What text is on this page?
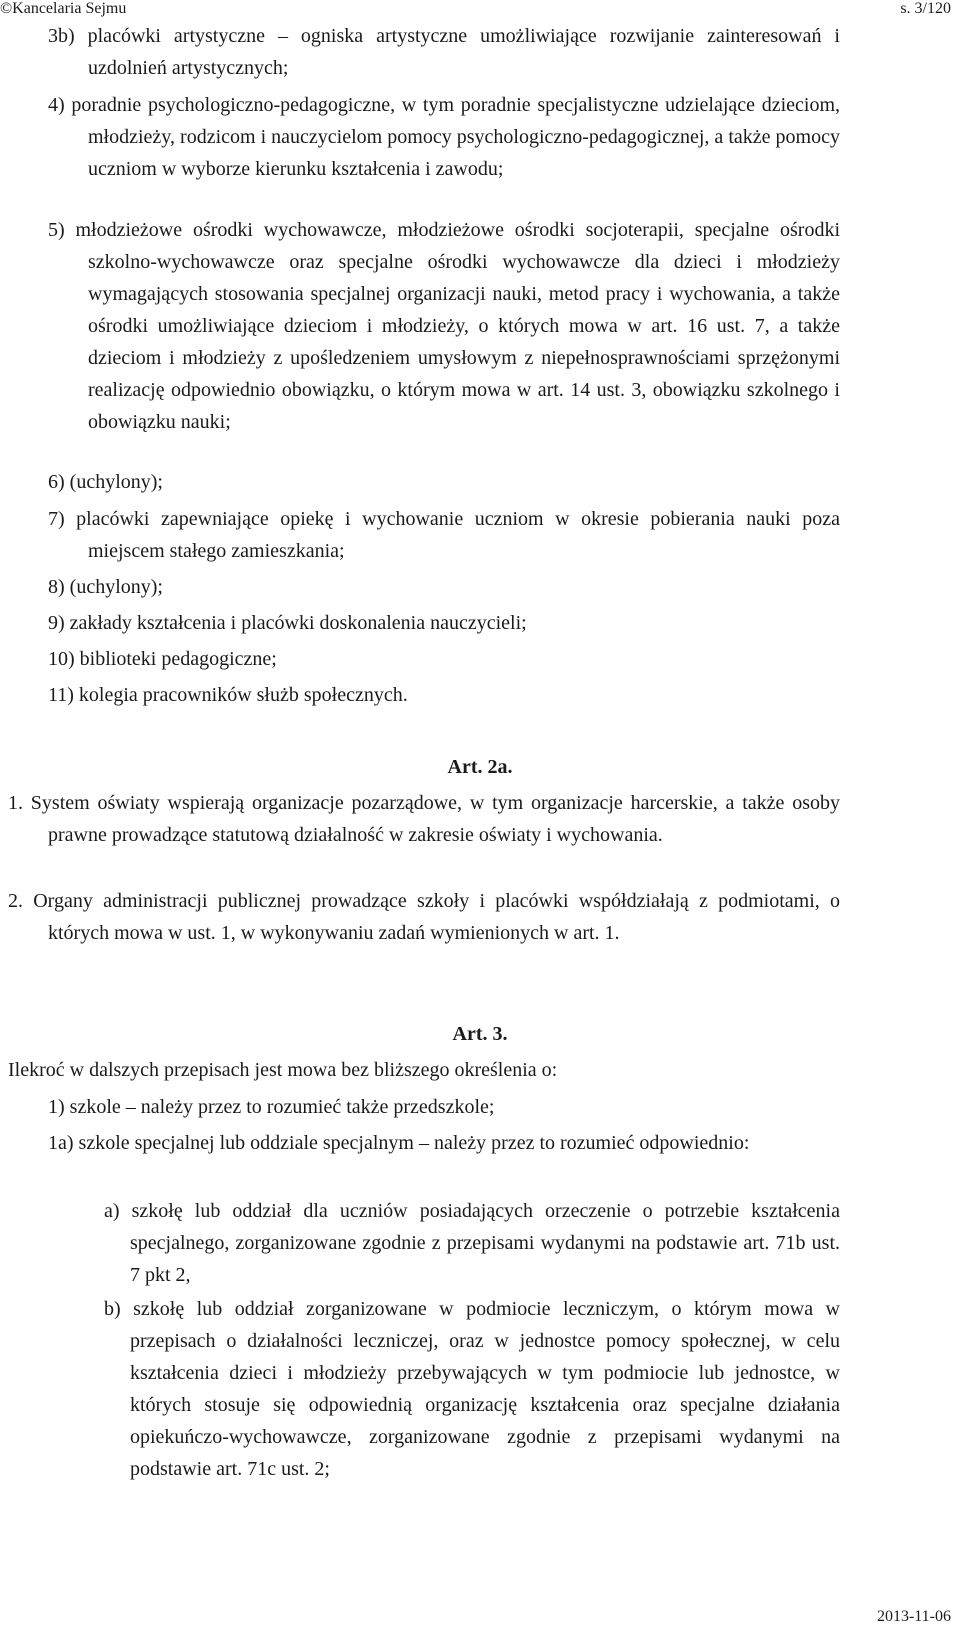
©Kancelaria Sejmu	s. 3/120

3b) placówki artystyczne – ogniska artystyczne umożliwiające rozwijanie zainteresowań i uzdolnień artystycznych;

4) poradnie psychologiczno-pedagogiczne, w tym poradnie specjalistyczne udzielające dzieciom, młodzieży, rodzicom i nauczycielom pomocy psychologiczno-pedagogicznej, a także pomocy uczniom w wyborze kierunku kształcenia i zawodu;

5) młodzieżowe ośrodki wychowawcze, młodzieżowe ośrodki socjoterapii, specjalne ośrodki szkolno-wychowawcze oraz specjalne ośrodki wychowawcze dla dzieci i młodzieży wymagających stosowania specjalnej organizacji nauki, metod pracy i wychowania, a także ośrodki umożliwiające dzieciom i młodzieży, o których mowa w art. 16 ust. 7, a także dzieciom i młodzieży z upośledzeniem umysłowym z niepełnosprawnościami sprzężonymi realizację odpowiednio obowiązku, o którym mowa w art. 14 ust. 3, obowiązku szkolnego i obowiązku nauki;

6) (uchylony);

7) placówki zapewniające opiekę i wychowanie uczniom w okresie pobierania nauki poza miejscem stałego zamieszkania;

8) (uchylony);

9) zakłady kształcenia i placówki doskonalenia nauczycieli;

10) biblioteki pedagogiczne;

11) kolegia pracowników służb społecznych.

Art. 2a.

1. System oświaty wspierają organizacje pozarządowe, w tym organizacje harcerskie, a także osoby prawne prowadzące statutową działalność w zakresie oświaty i wychowania.

2. Organy administracji publicznej prowadzące szkoły i placówki współdziałają z podmiotami, o których mowa w ust. 1, w wykonywaniu zadań wymienionych w art. 1.

Art. 3.

Ilekroć w dalszych przepisach jest mowa bez bliższego określenia o:

1) szkole – należy przez to rozumieć także przedszkole;

1a) szkole specjalnej lub oddziale specjalnym – należy przez to rozumieć odpowiednio:

a) szkołę lub oddział dla uczniów posiadających orzeczenie o potrzebie kształcenia specjalnego, zorganizowane zgodnie z przepisami wydanymi na podstawie art. 71b ust. 7 pkt 2,

b) szkołę lub oddział zorganizowane w podmiocie leczniczym, o którym mowa w przepisach o działalności leczniczej, oraz w jednostce pomocy społecznej, w celu kształcenia dzieci i młodzieży przebywających w tym podmiocie lub jednostce, w których stosuje się odpowiednią organizację kształcenia oraz specjalne działania opiekuńczo-wychowawcze, zorganizowane zgodnie z przepisami wydanymi na podstawie art. 71c ust. 2;

2013-11-06
